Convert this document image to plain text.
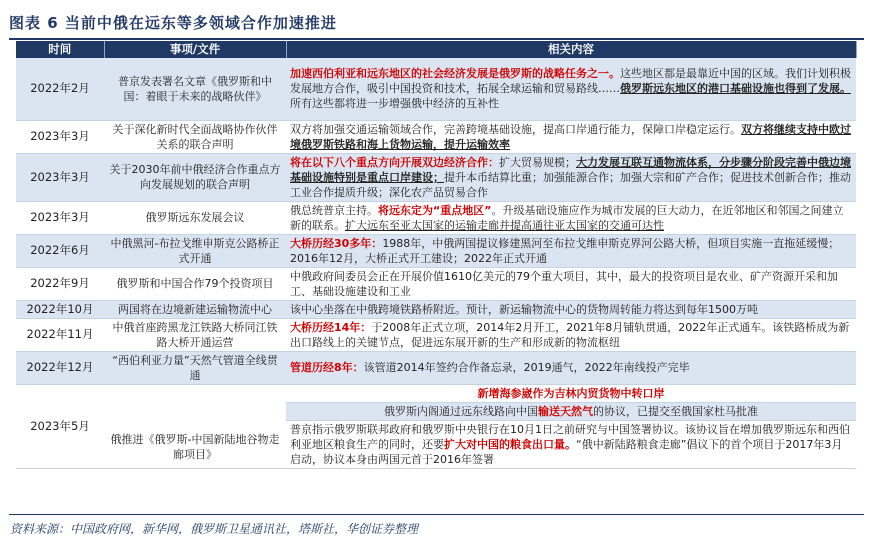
图表 6 当前中俄在远东等多领域合作加速推进
时间	事项/文件	相关内容
2022年2月	普京发表署名文章《俄罗斯和中国：着眼于未来的战略伙伴》	加速西伯利亚和远东地区的社会经济发展是俄罗斯的战略任务之一。这些地区都是最靠近中国的区域。我们计划积极发展地方合作，吸引中国投资和技术，拓展全球运输和贸易路线……俄罗斯远东地区的港口基础设施也得到了发展。所有这些都将进一步增强俄中经济的互补性
2023年3月	关于深化新时代全面战略协作伙伴关系的联合声明	双方将加强交通运输领域合作，完善跨境基础设施，提高口岸通行能力，保障口岸稳定运行。双方将继续支持中欧过境俄罗斯铁路和海上货物运输，提升运输效率
2023年3月	关于2030年前中俄经济合作重点方向发展规划的联合声明	将在以下八个重点方向开展双边经济合作：扩大贸易规模；大力发展互联互通物流体系，分步骤分阶段完善中俄边境基础设施特别是重点口岸建设；提升本币结算比重；加强能源合作；加强大宗和矿产合作；促进技术创新合作；推动工业合作提质升级；深化农产品贸易合作
2023年3月	俄罗斯远东发展会议	俄总统普京主持。将远东定为“重点地区”。升级基础设施应作为城市发展的巨大动力，在近邻地区和邻国之间建立新的联系。扩大远东至亚太国家的运输走廊并提高通往亚太国家的交通可达性
2022年6月	中俄黑河-布拉戈维申斯克公路桥正式开通	大桥历经30多年：1988年，中俄两国提议修建黑河至布拉戈维申斯克界河公路大桥，但项目实施一直拖延缓慢；2016年12月，大桥正式开工建设；2022年正式开通
2022年9月	俄罗斯和中国合作79个投资项目	中俄政府间委员会正在开展价值1610亿美元的79个重大项目，其中，最大的投资项目是农业、矿产资源开采和加工、基础设施建设和工业
2022年10月	两国将在边境新建运输物流中心	该中心坐落在中俄跨境铁路桥附近。预计，新运输物流中心的货物周转能力将达到每年1500万吨
2022年11月	中俄首座跨黑龙江铁路大桥同江铁路大桥开通运营	大桥历经14年：于2008年正式立项，2014年2月开工，2021年8月铺轨贯通，2022年正式通车。该铁路桥成为新出口路线上的关键节点，促进远东展开新的生产和形成新的物流枢纽
2022年12月	“西伯利亚力量”天然气管道全线贯通	管道历经8年：该管道2014年签约合作备忘录，2019通气，2022年南线投产完毕
2023年5月	俄推进《俄罗斯-中国新陆地谷物走廊项目》	新增海参崴作为吉林内贸货物中转口岸
俄罗斯内阁通过远东线路向中国输送天然气的协议，已提交至俄国家杜马批准
普京指示俄罗斯联邦政府和俄罗斯中央银行在10月1日之前研究与中国签署协议。该协议旨在增加俄罗斯远东和西伯利亚地区粮食生产的同时，还要扩大对中国的粮食出口量。“俄中新陆路粮食走廊”倡议下的首个项目于2017年3月启动，协议本身由两国元首于2016年签署
资料来源：中国政府网，新华网，俄罗斯卫星通讯社，塔斯社，华创证券整理
